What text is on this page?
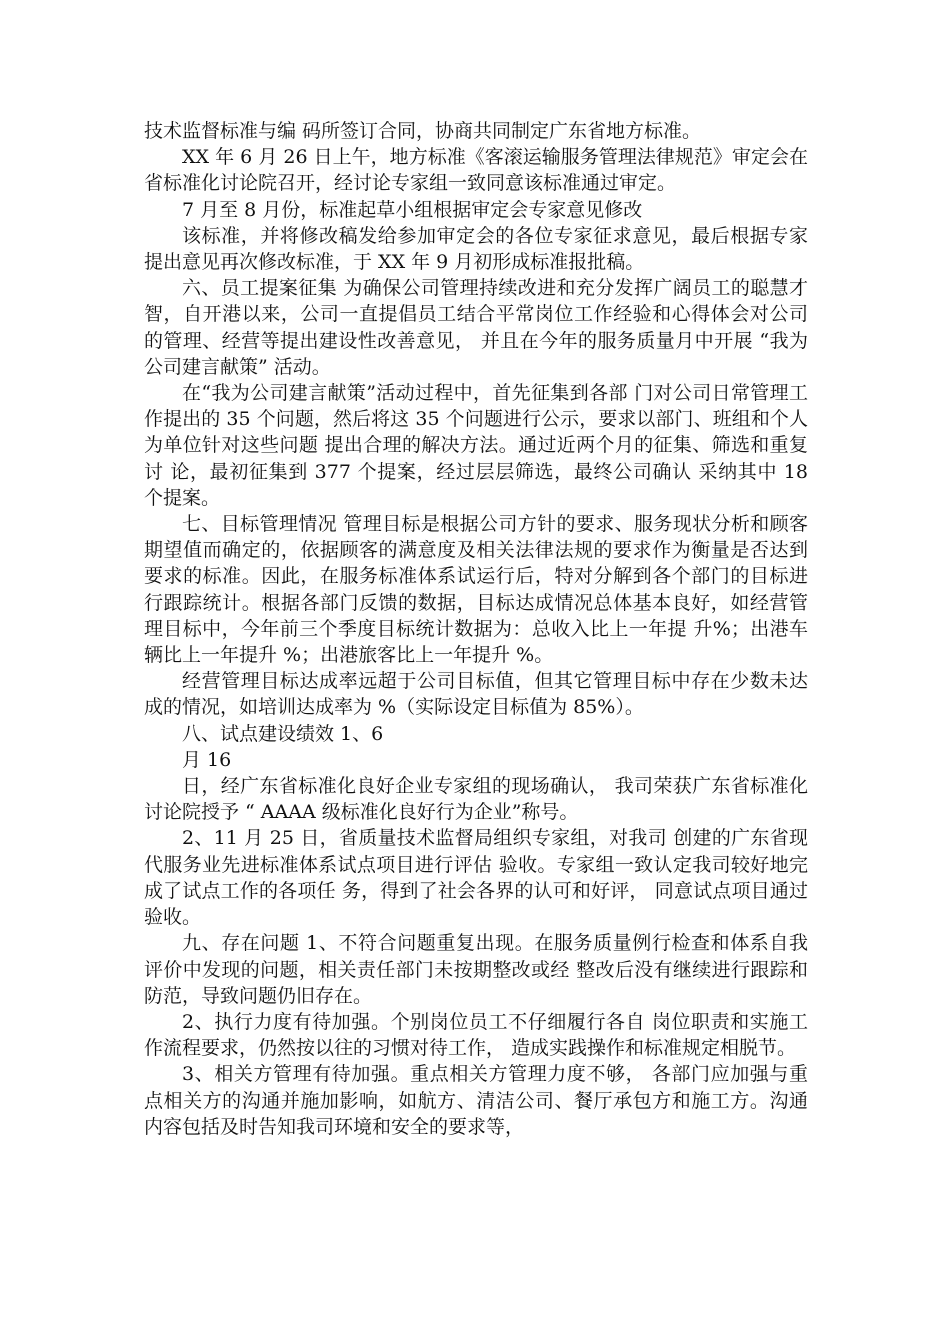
技术监督标准与编 码所签订合同，协商共同制定广东省地方标准。

XX 年 6 月 26 日上午，地方标准《客滚运输服务管理法律规范》审定会在省标准化讨论院召开，经讨论专家组一致同意该标准通过审定。

7 月至 8 月份，标准起草小组根据审定会专家意见修改

该标准，并将修改稿发给参加审定会的各位专家征求意见，最后根据专家提出意见再次修改标准，于 XX 年 9 月初形成标准报批稿。

六、员工提案征集 为确保公司管理持续改进和充分发挥广阔员工的聪慧才智，自开港以来，公司一直提倡员工结合平常岗位工作经验和心得体会对公司的管理、经营等提出建设性改善意见， 并且在今年的服务质量月中开展 “我为公司建言献策” 活动。

在“我为公司建言献策”活动过程中，首先征集到各部 门对公司日常管理工作提出的 35 个问题，然后将这 35 个问题进行公示，要求以部门、班组和个人为单位针对这些问题 提出合理的解决方法。通过近两个月的征集、筛选和重复讨 论，最初征集到 377 个提案，经过层层筛选，最终公司确认 采纳其中 18 个提案。

七、目标管理情况 管理目标是根据公司方针的要求、服务现状分析和顾客期望值而确定的，依据顾客的满意度及相关法律法规的要求作为衡量是否达到要求的标准。因此，在服务标准体系试运行后，特对分解到各个部门的目标进行跟踪统计。根据各部门反馈的数据，目标达成情况总体基本良好，如经营管理目标中，今年前三个季度目标统计数据为：总收入比上一年提 升%；出港车辆比上一年提升 %；出港旅客比上一年提升 %。

经营管理目标达成率远超于公司目标值，但其它管理目标中存在少数未达成的情况，如培训达成率为 %（实际设定目标值为 85%）。

八、试点建设绩效 1、6

月 16

日，经广东省标准化良好企业专家组的现场确认， 我司荣获广东省标准化讨论院授予 “ AAAA 级标准化良好行为企业”称号。

2、11 月 25 日，省质量技术监督局组织专家组，对我司 创建的广东省现代服务业先进标准体系试点项目进行评估 验收。专家组一致认定我司较好地完成了试点工作的各项任 务，得到了社会各界的认可和好评， 同意试点项目通过验收。

九、存在问题 1、不符合问题重复出现。在服务质量例行检查和体系自我评价中发现的问题，相关责任部门未按期整改或经 整改后没有继续进行跟踪和防范，导致问题仍旧存在。

2、执行力度有待加强。个别岗位员工不仔细履行各自 岗位职责和实施工作流程要求，仍然按以往的习惯对待工作， 造成实践操作和标准规定相脱节。

3、相关方管理有待加强。重点相关方管理力度不够， 各部门应加强与重点相关方的沟通并施加影响，如航方、清洁公司、餐厅承包方和施工方。沟通内容包括及时告知我司环境和安全的要求等，
